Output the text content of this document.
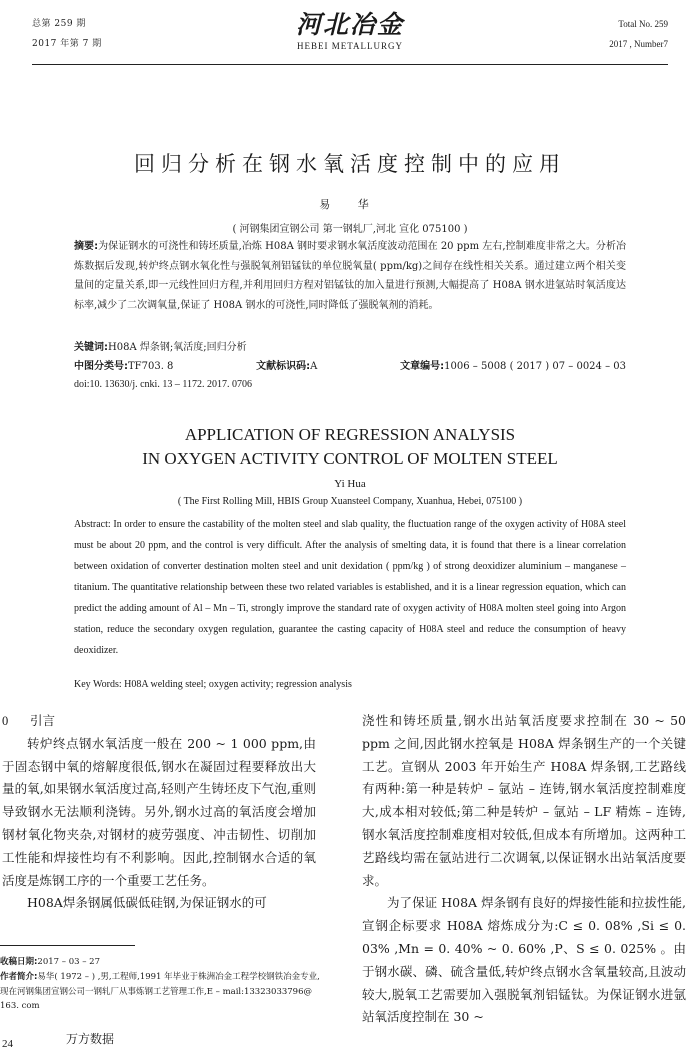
总第 259 期
2017 年第 7 期
河北冶金
HEBEI METALLURGY
Total No. 259
2017 , Number7
回归分析在钢水氧活度控制中的应用
易 华
( 河钢集团宣钢公司 第一钢轧厂,河北 宣化 075100 )
摘要:为保证钢水的可浇性和铸坯质量,冶炼 H08A 钢时要求钢水氧活度波动范围在 20 ppm 左右,控制难度非常之大。分析冶炼数据后发现,转炉终点钢水氧化性与强脱氧剂铝锰钛的单位脱氧量( ppm/kg)之间存在线性相关关系。通过建立两个相关变量间的定量关系,即一元线性回归方程,并利用回归方程对铝锰钛的加入量进行预测,大幅提高了 H08A 钢水进氩站时氧活度达标率,减少了二次调氧量,保证了 H08A 钢水的可浇性,同时降低了强脱氧剂的消耗。
关键词:H08A 焊条钢;氧活度;回归分析
中图分类号:TF703. 8	文献标识码:A	文章编号:1006 – 5008 ( 2017 ) 07 – 0024 – 03
doi:10. 13630/j. cnki. 13 – 1172. 2017. 0706
APPLICATION OF REGRESSION ANALYSIS
IN OXYGEN ACTIVITY CONTROL OF MOLTEN STEEL
Yi Hua
( The First Rolling Mill, HBIS Group Xuansteel Company, Xuanhua, Hebei, 075100 )
Abstract: In order to ensure the castability of the molten steel and slab quality, the fluctuation range of the oxygen activity of H08A steel must be about 20 ppm, and the control is very difficult. After the analysis of smelting data, it is found that there is a linear correlation between oxidation of converter destination molten steel and unit dexidation ( ppm/kg ) of strong deoxidizer aluminium – manganese – titanium. The quantitative relationship between these two related variables is established, and it is a linear regression equation, which can predict the adding amount of Al – Mn – Ti, strongly improve the standard rate of oxygen activity of H08A molten steel going into Argon station, reduce the secondary oxygen regulation, guarantee the casting capacity of H08A steel and reduce the consumption of heavy deoxidizer.
Key Words: H08A welding steel; oxygen activity; regression analysis
0 引言

转炉终点钢水氧活度一般在 200 ~ 1 000 ppm,由于固态钢中氧的熔解度很低,钢水在凝固过程要释放出大量的氧,如果钢水氧活度过高,轻则产生铸坯皮下气泡,重则导致钢水无法顺利浇铸。另外,钢水过高的氧活度会增加钢材氧化物夹杂,对钢材的疲劳强度、冲击韧性、切削加工性能和焊接性均有不利影响。因此,控制钢水合适的氧活度是炼钢工序的一个重要工艺任务。

H08A焊条钢属低碳低硅钢,为保证钢水的可

浇性和铸坯质量,钢水出站氧活度要求控制在 30 ~ 50 ppm 之间,因此钢水控氧是 H08A 焊条钢生产的一个关键工艺。宣钢从 2003 年开始生产 H08A 焊条钢,工艺路线有两种:第一种是转炉 – 氩站 – 连铸,钢水氧活度控制难度大,成本相对较低;第二种是转炉 – 氩站 – LF 精炼 – 连铸,钢水氧活度控制难度相对较低,但成本有所增加。这两种工艺路线均需在氩站进行二次调氧,以保证钢水出站氧活度要求。

为了保证 H08A 焊条钢有良好的焊接性能和拉拔性能,宣钢企标要求 H08A 熔炼成分为:C ≤ 0. 08% ,Si ≤ 0. 03% ,Mn = 0. 40% ~ 0. 60% ,P、S ≤ 0. 025% 。由于钢水碳、磷、硫含量低,转炉终点钢水含氧量较高,且波动较大,脱氧工艺需要加入强脱氧剂铝锰钛。为保证钢水进氩站氧活度控制在 30 ~

收稿日期:2017 – 03 – 27
作者简介:易华( 1972 – ) ,男,工程师,1991 年毕业于株洲冶金工程学校钢铁冶金专业,现在河钢集团宣钢公司一钢轧厂从事炼钢工艺管理工作,E – mail:13323033796@ 163. com
24	万方数据
